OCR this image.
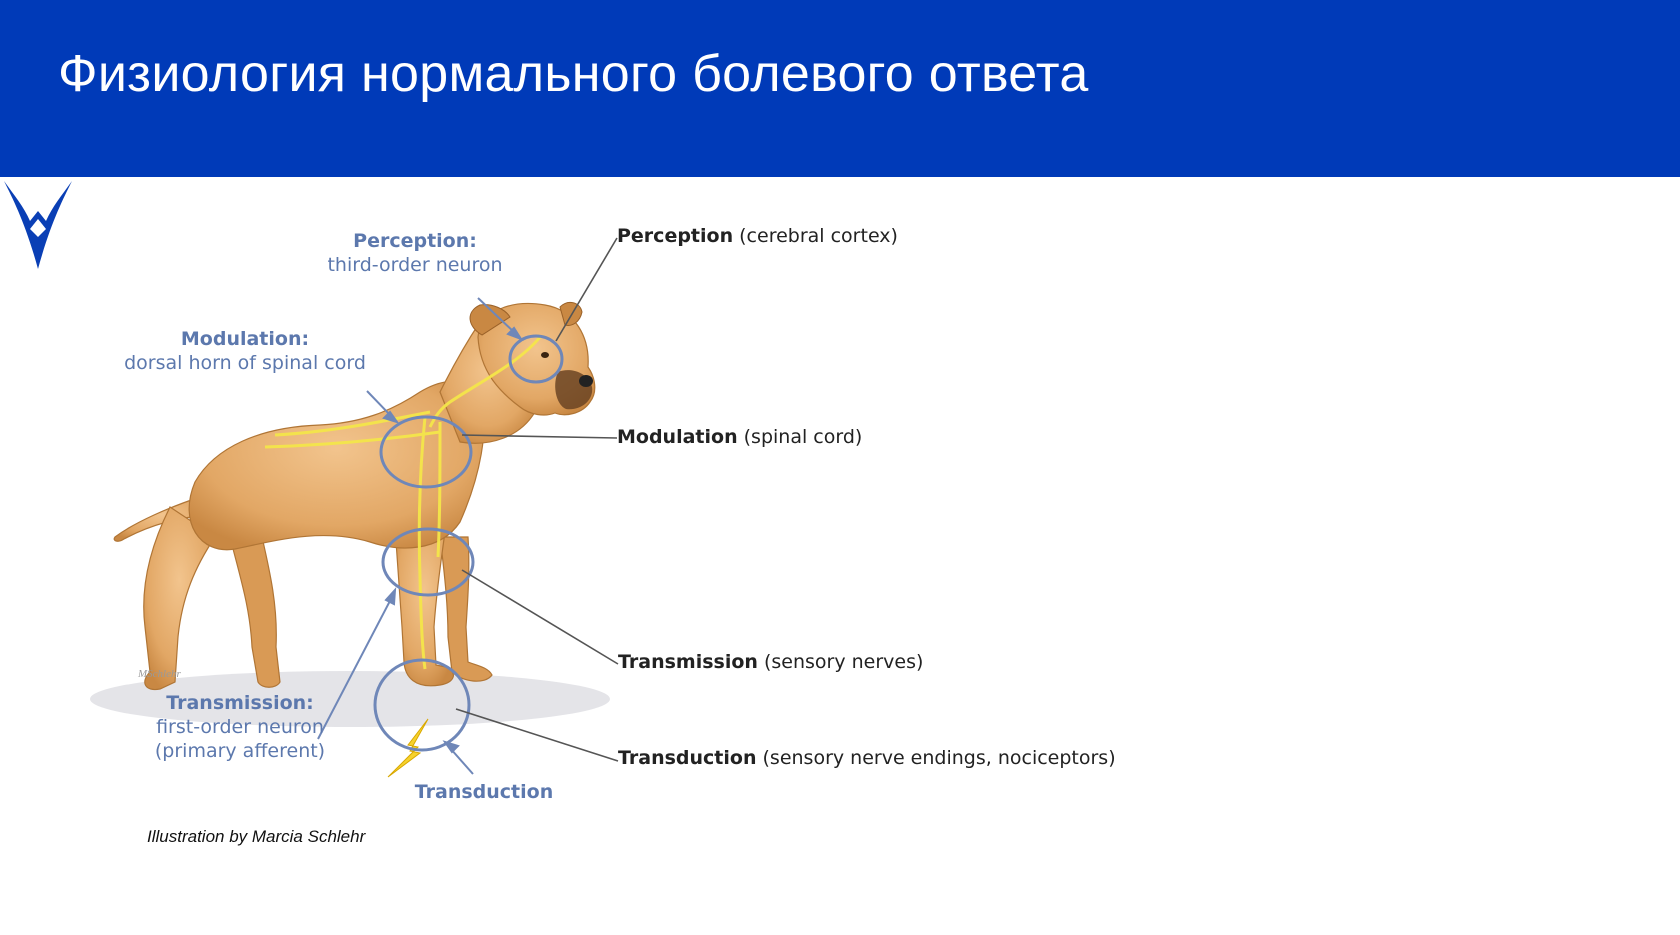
Физиология нормального болевого ответа
MSchlehr
Perception:
third-order neuron
Modulation:
dorsal horn of spinal cord
Transmission:
first-order neuron
(primary afferent)
Transduction
Perception (cerebral cortex)
Modulation (spinal cord)
Transmission (sensory nerves)
Transduction (sensory nerve endings, nociceptors)
Illustration by Marcia Schlehr
